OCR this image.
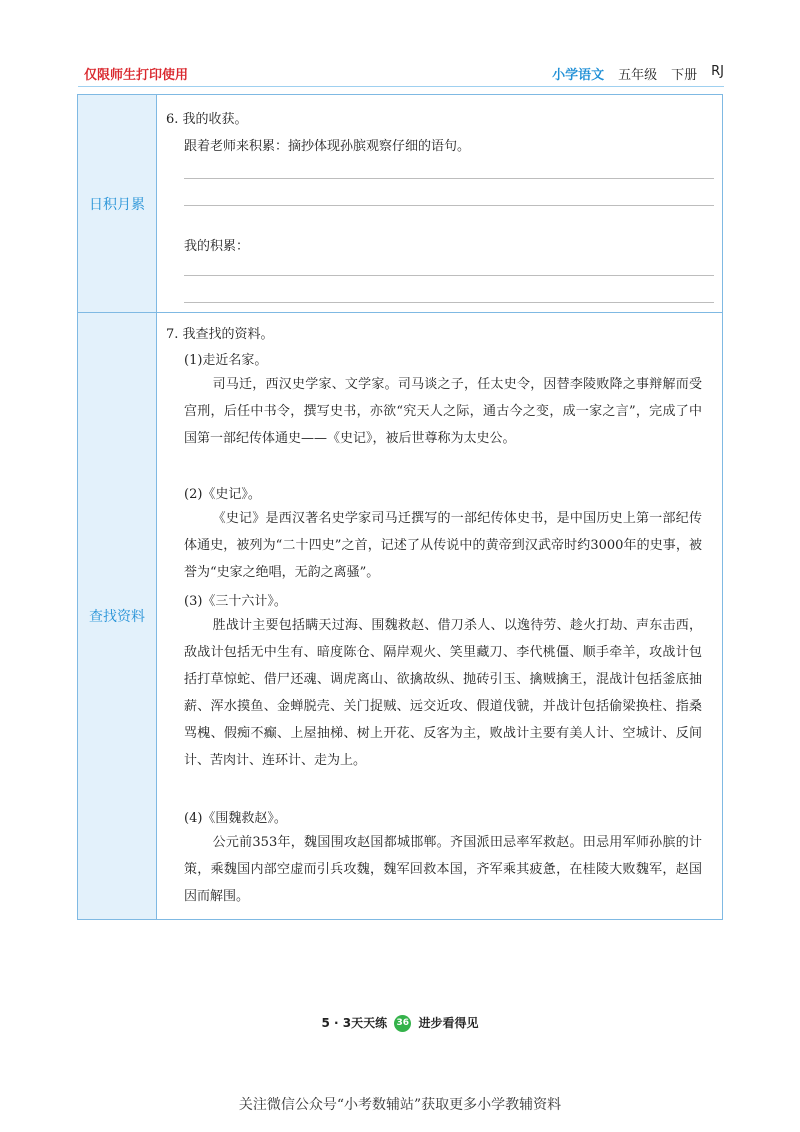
仅限师生打印使用	小学语文 五年级 下册 RJ
日积月累
6. 我的收获。
跟着老师来积累：摘抄体现孙膑观察仔细的语句。
我的积累：
查找资料
7. 我查找的资料。
(1)走近名家。
司马迁，西汉史学家、文学家。司马谈之子，任太史令，因替李陵败降之事辩解而受宫刑，后任中书令，撰写史书，亦欲“究天人之际，通古今之变，成一家之言”，完成了中国第一部纪传体通史——《史记》，被后世尊称为太史公。
(2)《史记》。
《史记》是西汉著名史学家司马迁撰写的一部纪传体史书，是中国历史上第一部纪传体通史，被列为“二十四史”之首，记述了从传说中的黄帝到汉武帝时约3000年的史事，被誉为“史家之绝唱，无韵之离骚”。
(3)《三十六计》。
胜战计主要包括瞒天过海、围魏救赵、借刀杀人、以逸待劳、趁火打劫、声东击西，敌战计包括无中生有、暗度陈仓、隔岸观火、笑里藏刀、李代桃僵、顺手牵羊，攻战计包括打草惊蛇、借尸还魂、调虎离山、欲擒故纵、抛砖引玉、擒贼擒王，混战计包括釜底抽薪、浑水摸鱼、金蝉脱壳、关门捉贼、远交近攻、假道伐虢，并战计包括偷梁换柱、指桑骂槐、假痴不癫、上屋抽梯、树上开花、反客为主，败战计主要有美人计、空城计、反间计、苦肉计、连环计、走为上。
(4)《围魏救赵》。
公元前353年，魏国围攻赵国都城邯郸。齐国派田忌率军救赵。田忌用军师孙膑的计策，乘魏国内部空虚而引兵攻魏，魏军回救本国，齐军乘其疲惫，在桂陵大败魏军，赵国因而解围。
5 · 3天天练 36 进步看得见
关注微信公众号“小考数辅站”获取更多小学教辅资料
